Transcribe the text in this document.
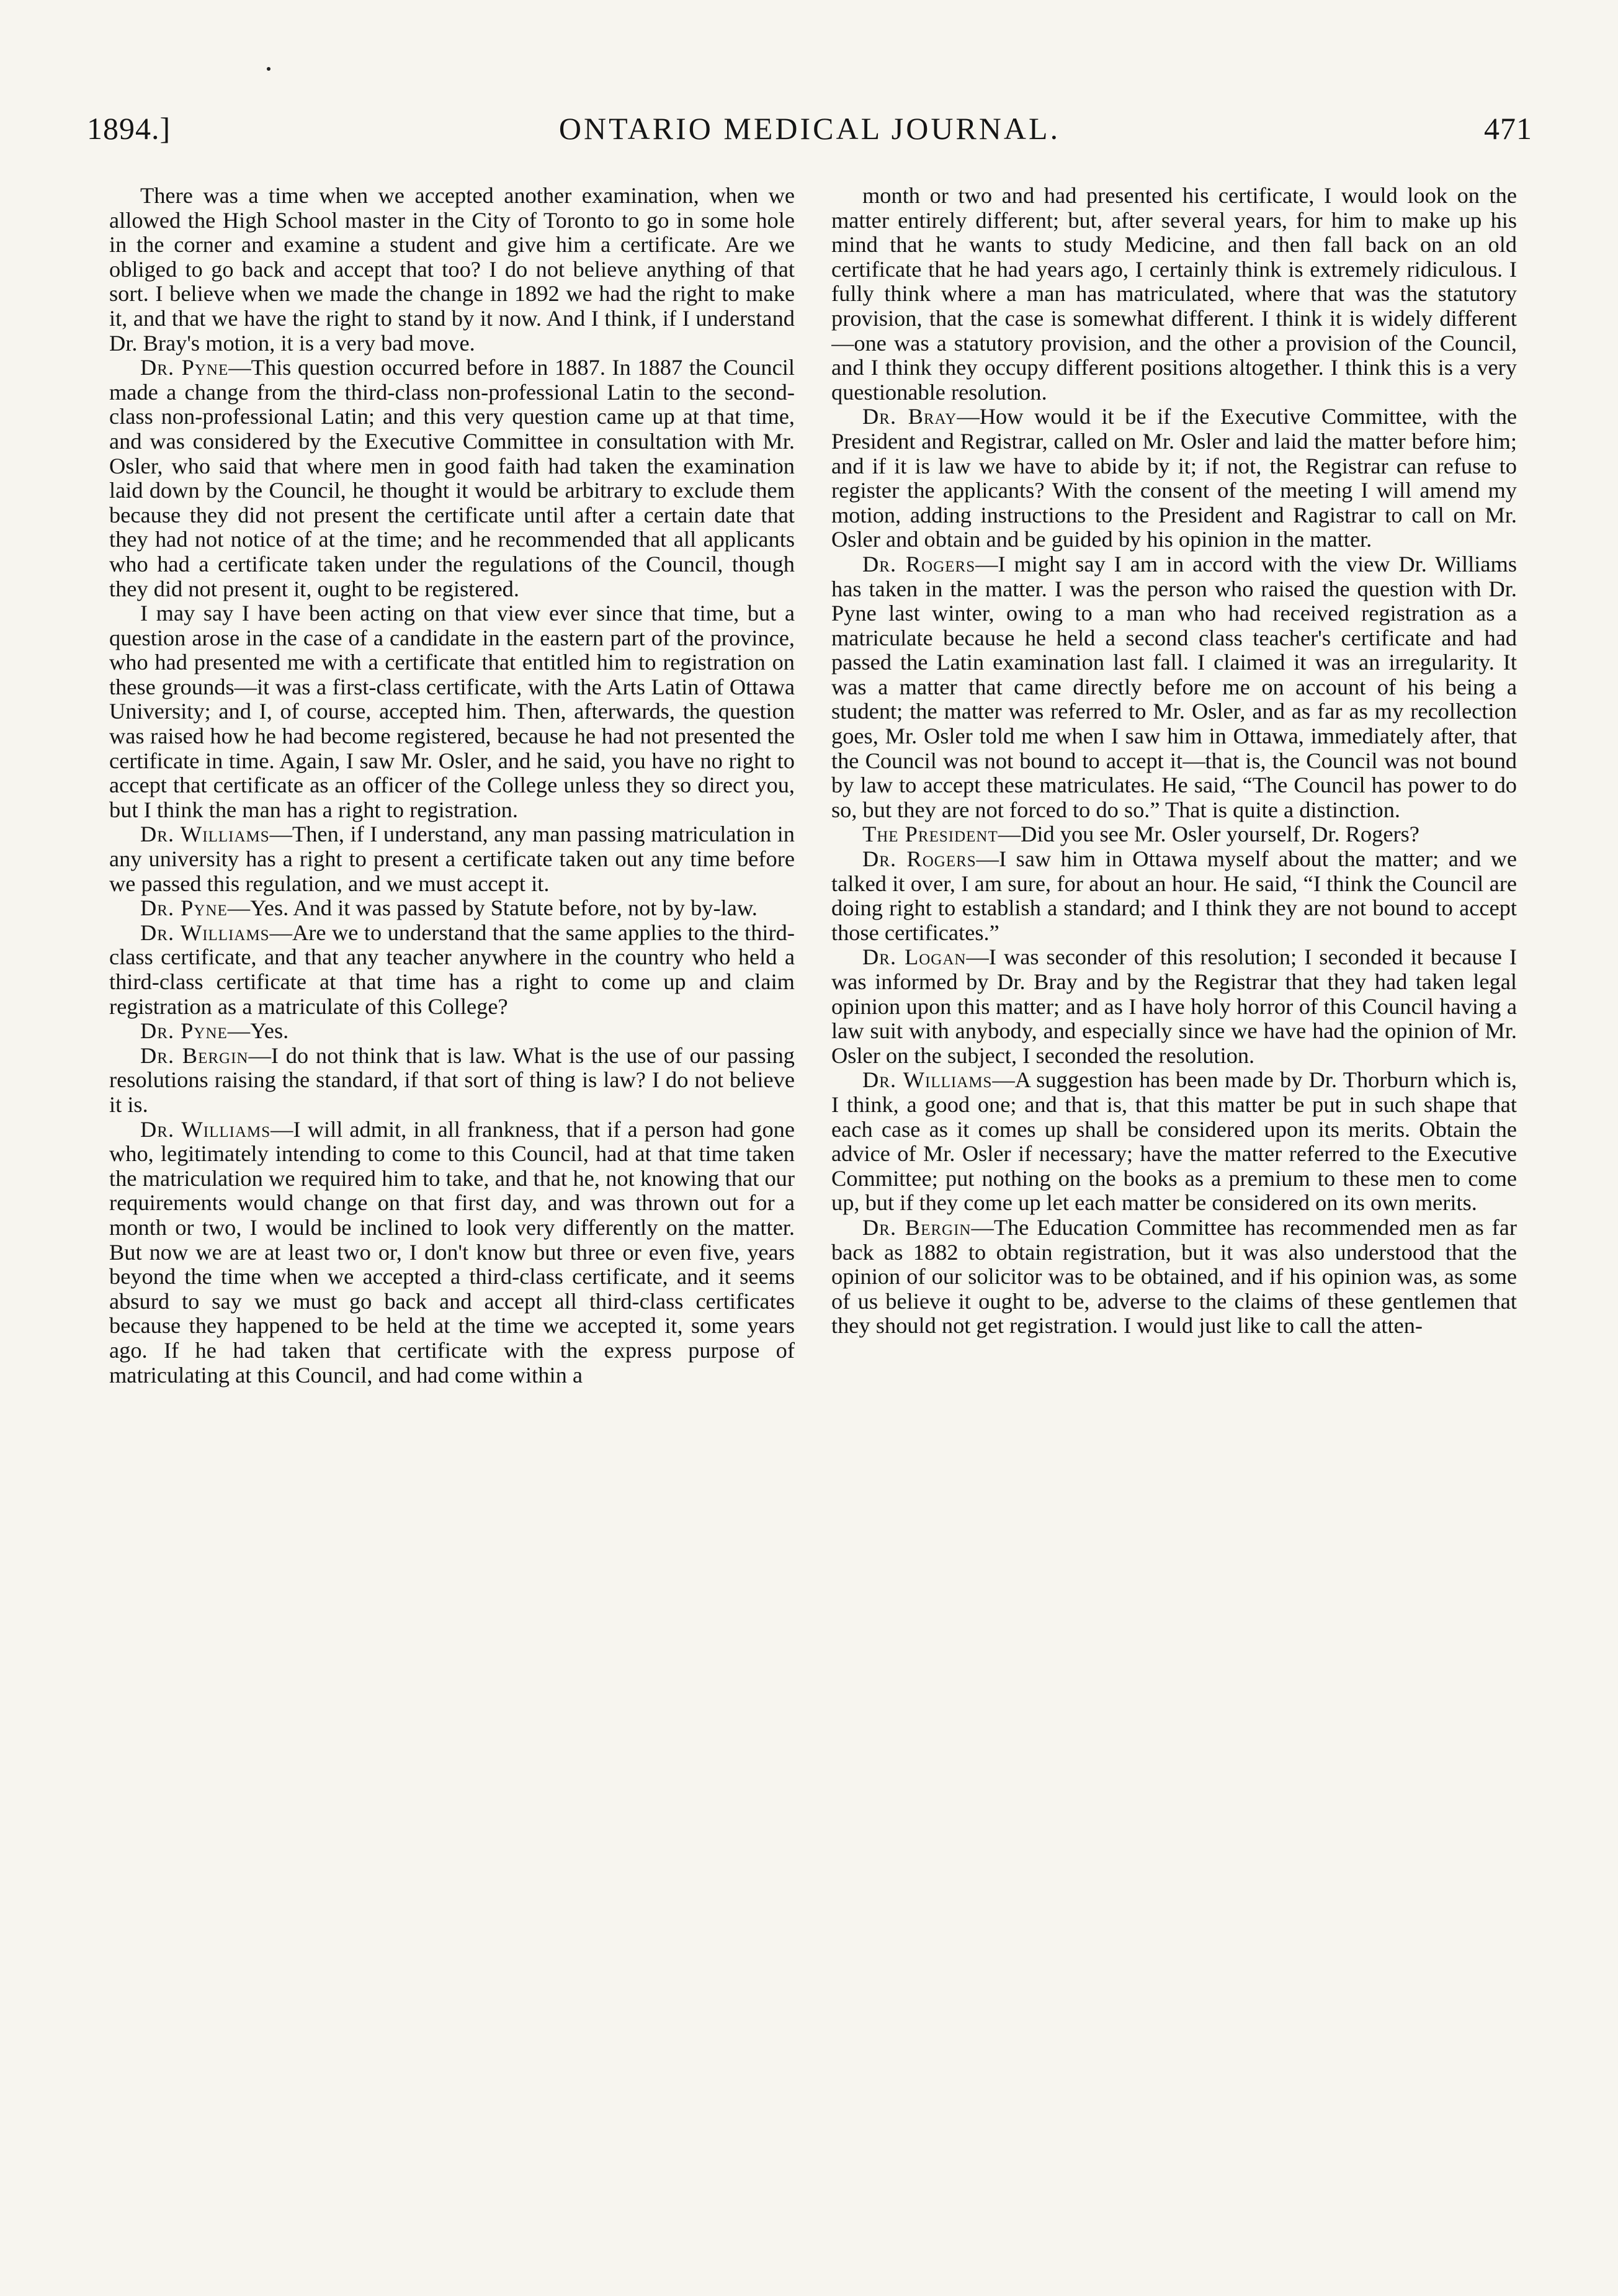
ONTARIO MEDICAL JOURNAL.
1894.]	471

There was a time when we accepted another examination, when we allowed the High School master in the City of Toronto to go in some hole in the corner and examine a student and give him a certificate. Are we obliged to go back and accept that too? I do not believe anything of that sort. I believe when we made the change in 1892 we had the right to make it, and that we have the right to stand by it now. And I think, if I understand Dr. Bray's motion, it is a very bad move.

Dr. Pyne—This question occurred before in 1887. In 1887 the Council made a change from the third-class non-professional Latin to the second-class non-professional Latin; and this very question came up at that time, and was considered by the Executive Committee in consultation with Mr. Osler, who said that where men in good faith had taken the examination laid down by the Council, he thought it would be arbitrary to exclude them because they did not present the certificate until after a certain date that they had not notice of at the time; and he recommended that all applicants who had a certificate taken under the regulations of the Council, though they did not present it, ought to be registered.

I may say I have been acting on that view ever since that time, but a question arose in the case of a candidate in the eastern part of the province, who had presented me with a certificate that entitled him to registration on these grounds—it was a first-class certificate, with the Arts Latin of Ottawa University; and I, of course, accepted him. Then, afterwards, the question was raised how he had become registered, because he had not presented the certificate in time. Again, I saw Mr. Osler, and he said, you have no right to accept that certificate as an officer of the College unless they so direct you, but I think the man has a right to registration.

Dr. Williams—Then, if I understand, any man passing matriculation in any university has a right to present a certificate taken out any time before we passed this regulation, and we must accept it.

Dr. Pyne—Yes. And it was passed by Statute before, not by by-law.

Dr. Williams—Are we to understand that the same applies to the third-class certificate, and that any teacher anywhere in the country who held a third-class certificate at that time has a right to come up and claim registration as a matriculate of this College?

Dr. Pyne—Yes.

Dr. Bergin—I do not think that is law. What is the use of our passing resolutions raising the standard, if that sort of thing is law? I do not believe it is.

Dr. Williams—I will admit, in all frankness, that if a person had gone who, legitimately intending to come to this Council, had at that time taken the matriculation we required him to take, and that he, not knowing that our requirements would change on that first day, and was thrown out for a month or two, I would be inclined to look very differently on the matter. But now we are at least two or, I don't know but three or even five, years beyond the time when we accepted a third-class certificate, and it seems absurd to say we must go back and accept all third-class certificates because they happened to be held at the time we accepted it, some years ago. If he had taken that certificate with the express purpose of matriculating at this Council, and had come within a

month or two and had presented his certificate, I would look on the matter entirely different; but, after several years, for him to make up his mind that he wants to study Medicine, and then fall back on an old certificate that he had years ago, I certainly think is extremely ridiculous. I fully think where a man has matriculated, where that was the statutory provision, that the case is somewhat different. I think it is widely different—one was a statutory provision, and the other a provision of the Council, and I think they occupy different positions altogether. I think this is a very questionable resolution.

Dr. Bray—How would it be if the Executive Committee, with the President and Registrar, called on Mr. Osler and laid the matter before him; and if it is law we have to abide by it; if not, the Registrar can refuse to register the applicants? With the consent of the meeting I will amend my motion, adding instructions to the President and Ragistrar to call on Mr. Osler and obtain and be guided by his opinion in the matter.

Dr. Rogers—I might say I am in accord with the view Dr. Williams has taken in the matter. I was the person who raised the question with Dr. Pyne last winter, owing to a man who had received registration as a matriculate because he held a second class teacher's certificate and had passed the Latin examination last fall. I claimed it was an irregularity. It was a matter that came directly before me on account of his being a student; the matter was referred to Mr. Osler, and as far as my recollection goes, Mr. Osler told me when I saw him in Ottawa, immediately after, that the Council was not bound to accept it—that is, the Council was not bound by law to accept these matriculates. He said, “The Council has power to do so, but they are not forced to do so.” That is quite a distinction.

The President—Did you see Mr. Osler yourself, Dr. Rogers?

Dr. Rogers—I saw him in Ottawa myself about the matter; and we talked it over, I am sure, for about an hour. He said, “I think the Council are doing right to establish a standard; and I think they are not bound to accept those certificates.”

Dr. Logan—I was seconder of this resolution; I seconded it because I was informed by Dr. Bray and by the Registrar that they had taken legal opinion upon this matter; and as I have holy horror of this Council having a law suit with anybody, and especially since we have had the opinion of Mr. Osler on the subject, I seconded the resolution.

Dr. Williams—A suggestion has been made by Dr. Thorburn which is, I think, a good one; and that is, that this matter be put in such shape that each case as it comes up shall be considered upon its merits. Obtain the advice of Mr. Osler if necessary; have the matter referred to the Executive Committee; put nothing on the books as a premium to these men to come up, but if they come up let each matter be considered on its own merits.

Dr. Bergin—The Education Committee has recommended men as far back as 1882 to obtain registration, but it was also understood that the opinion of our solicitor was to be obtained, and if his opinion was, as some of us believe it ought to be, adverse to the claims of these gentlemen that they should not get registration. I would just like to call the atten-
